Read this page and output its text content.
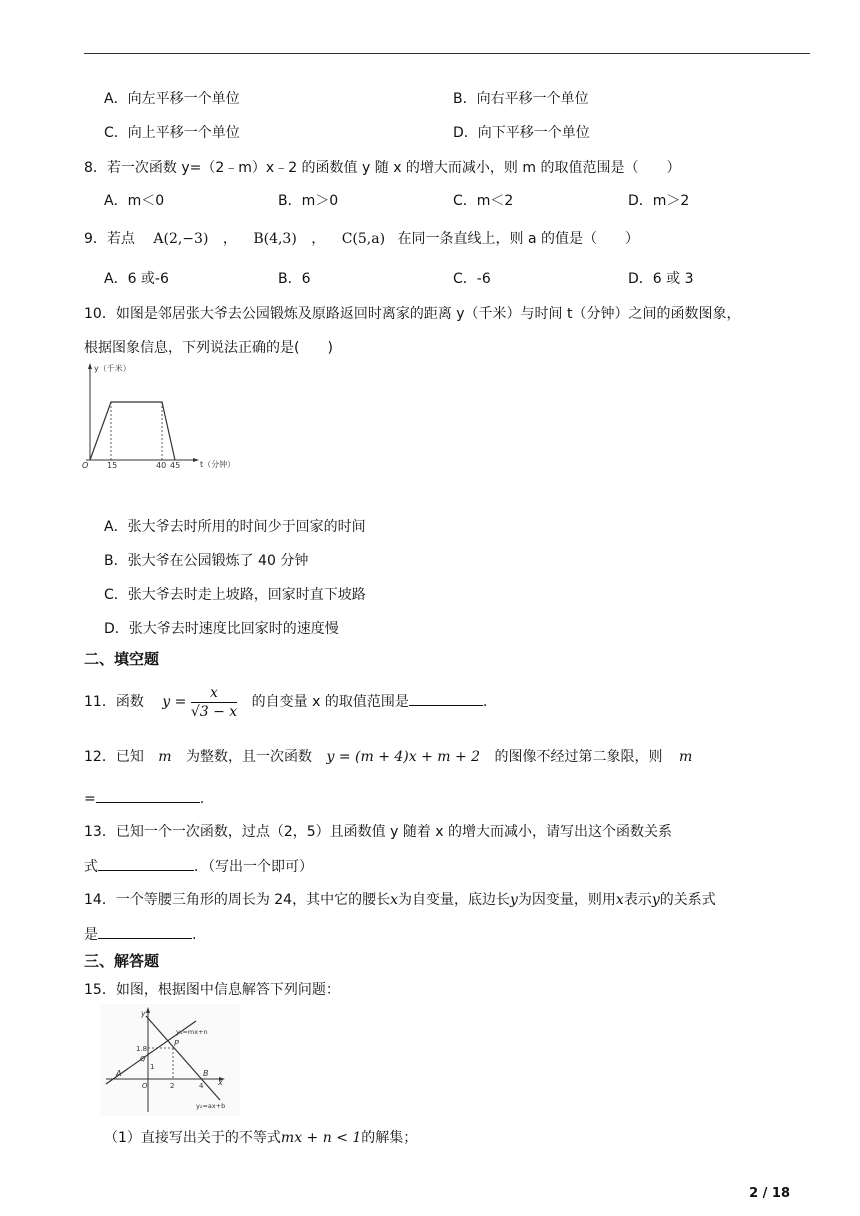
A．向左平移一个单位	B．向右平移一个单位
C．向上平移一个单位	D．向下平移一个单位
8．若一次函数 y=（2﹣m）x﹣2 的函数值 y 随 x 的增大而减小，则 m 的取值范围是（　　）
A．m＜0	B．m＞0	C．m＜2	D．m＞2
9．若点 A(2,−3) ， B(4,3) ， C(5,a) 在同一条直线上，则 a 的值是（　　）
A．6 或-6	B．6	C．-6	D．6 或 3
10．如图是邻居张大爷去公园锻炼及原路返回时离家的距离 y（千米）与时间 t（分钟）之间的函数图象，
根据图象信息，下列说法正确的是(　　)
y（千米）
O 15	40 45 t（分钟）
A．张大爷去时所用的时间少于回家的时间
B．张大爷在公园锻炼了 40 分钟
C．张大爷去时走上坡路，回家时直下坡路
D．张大爷去时速度比回家时的速度慢
二、填空题
11．函数 $y = \frac{x}{√3 - x}$ 的自变量 x 的取值范围是	.
12．已知 m 为整数，且一次函数 y = (m + 4)x + m + 2 的图像不经过第二象限，则 m
=	.
13．已知一个一次函数，过点（2，5）且函数值 y 随着 x 的增大而减小，请写出这个函数关系
式	．（写出一个即可）
14．一个等腰三角形的周长为 24，其中它的腰长x为自变量，底边长y为因变量，则用x表示y的关系式
是	.
三、解答题
15．如图，根据图中信息解答下列问题：
y
y₁=mx+n
P
1.8
Q
1
A
O	2	4
B
x
y₂=ax+b
（1）直接写出关于的不等式mx + n < 1的解集；
2 / 18
